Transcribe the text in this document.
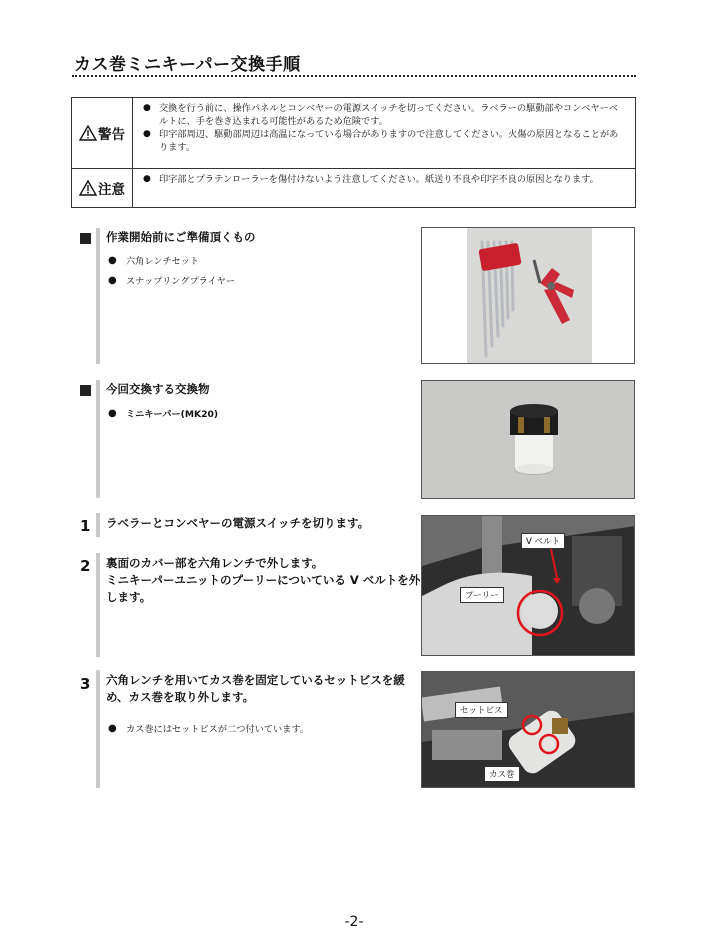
カス巻ミニキーパー交換手順
警告
● 交換を行う前に、操作パネルとコンベヤーの電源スイッチを切ってください。ラベラーの駆動部やコンベヤーベルトに、手を巻き込まれる可能性があるため危険です。
● 印字部周辺、駆動部周辺は高温になっている場合がありますので注意してください。火傷の原因となることがあります。
注意
● 印字部とプラテンローラーを傷付けないよう注意してください。紙送り不良や印字不良の原因となります。
作業開始前にご準備頂くもの
●	六角レンチセット
●	スナップリングプライヤー
今回交換する交換物
●	ミニキーパー(MK20)
1 ラベラーとコンベヤーの電源スイッチを切ります。
2 裏面のカバー部を六角レンチで外します。
ミニキーパーユニットのプーリーについている V ベルトを外
します。
V ベルト
プーリー
3 六角レンチを用いてカス巻を固定しているセットビスを緩
め、カス巻を取り外します。
●	カス巻にはセットビスが二つ付いています。
セットビス
カス巻
-2-
